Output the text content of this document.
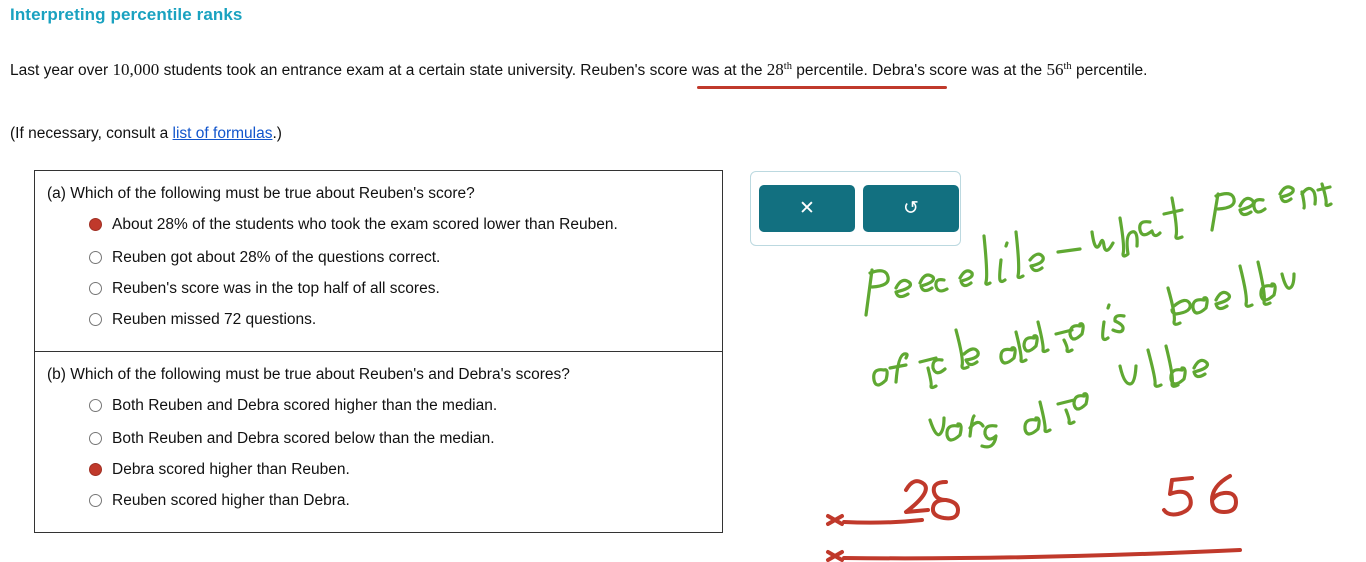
Interpreting percentile ranks
Last year over 10,000 students took an entrance exam at a certain state university. Reuben's score was at the 28th percentile. Debra's score was at the 56th percentile.
(If necessary, consult a list of formulas.)
(a) Which of the following must be true about Reuben's score?
About 28% of the students who took the exam scored lower than Reuben.
Reuben got about 28% of the questions correct.
Reuben's score was in the top half of all scores.
Reuben missed 72 questions.
(b) Which of the following must be true about Reuben's and Debra's scores?
Both Reuben and Debra scored higher than the median.
Both Reuben and Debra scored below than the median.
Debra scored higher than Reuben.
Reuben scored higher than Debra.
✕	↺
